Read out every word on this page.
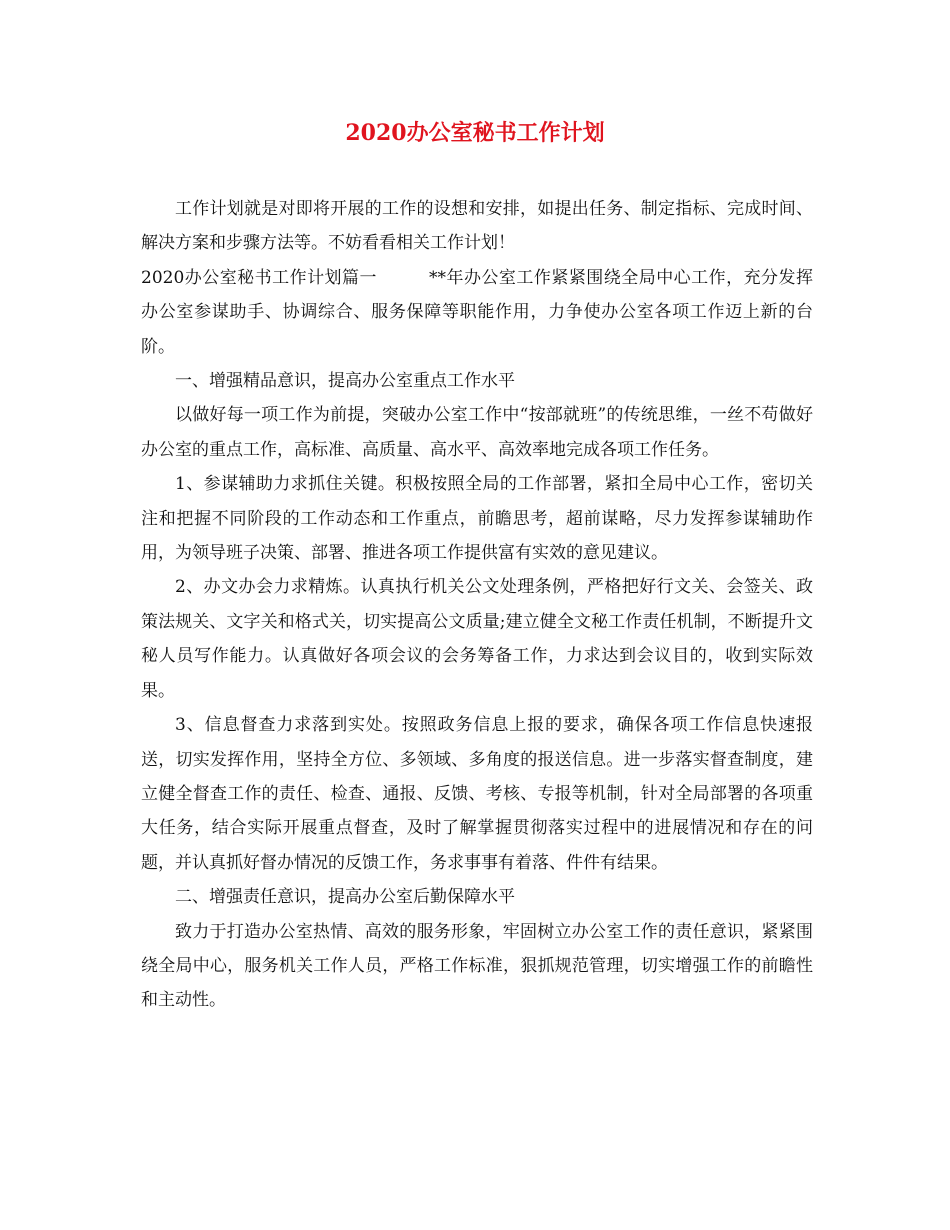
2020办公室秘书工作计划

工作计划就是对即将开展的工作的设想和安排，如提出任务、制定指标、完成时间、解决方案和步骤方法等。不妨看看相关工作计划！

2020办公室秘书工作计划篇一	**年办公室工作紧紧围绕全局中心工作，充分发挥办公室参谋助手、协调综合、服务保障等职能作用，力争使办公室各项工作迈上新的台阶。

一、增强精品意识，提高办公室重点工作水平

以做好每一项工作为前提，突破办公室工作中“按部就班”的传统思维，一丝不苟做好办公室的重点工作，高标准、高质量、高水平、高效率地完成各项工作任务。

1、参谋辅助力求抓住关键。积极按照全局的工作部署，紧扣全局中心工作，密切关注和把握不同阶段的工作动态和工作重点，前瞻思考，超前谋略，尽力发挥参谋辅助作用，为领导班子决策、部署、推进各项工作提供富有实效的意见建议。

2、办文办会力求精炼。认真执行机关公文处理条例，严格把好行文关、会签关、政策法规关、文字关和格式关，切实提高公文质量;建立健全文秘工作责任机制，不断提升文秘人员写作能力。认真做好各项会议的会务筹备工作，力求达到会议目的，收到实际效果。

3、信息督查力求落到实处。按照政务信息上报的要求，确保各项工作信息快速报送，切实发挥作用，坚持全方位、多领域、多角度的报送信息。进一步落实督查制度，建立健全督查工作的责任、检查、通报、反馈、考核、专报等机制，针对全局部署的各项重大任务，结合实际开展重点督查，及时了解掌握贯彻落实过程中的进展情况和存在的问题，并认真抓好督办情况的反馈工作，务求事事有着落、件件有结果。

二、增强责任意识，提高办公室后勤保障水平

致力于打造办公室热情、高效的服务形象，牢固树立办公室工作的责任意识，紧紧围绕全局中心，服务机关工作人员，严格工作标准，狠抓规范管理，切实增强工作的前瞻性和主动性。
